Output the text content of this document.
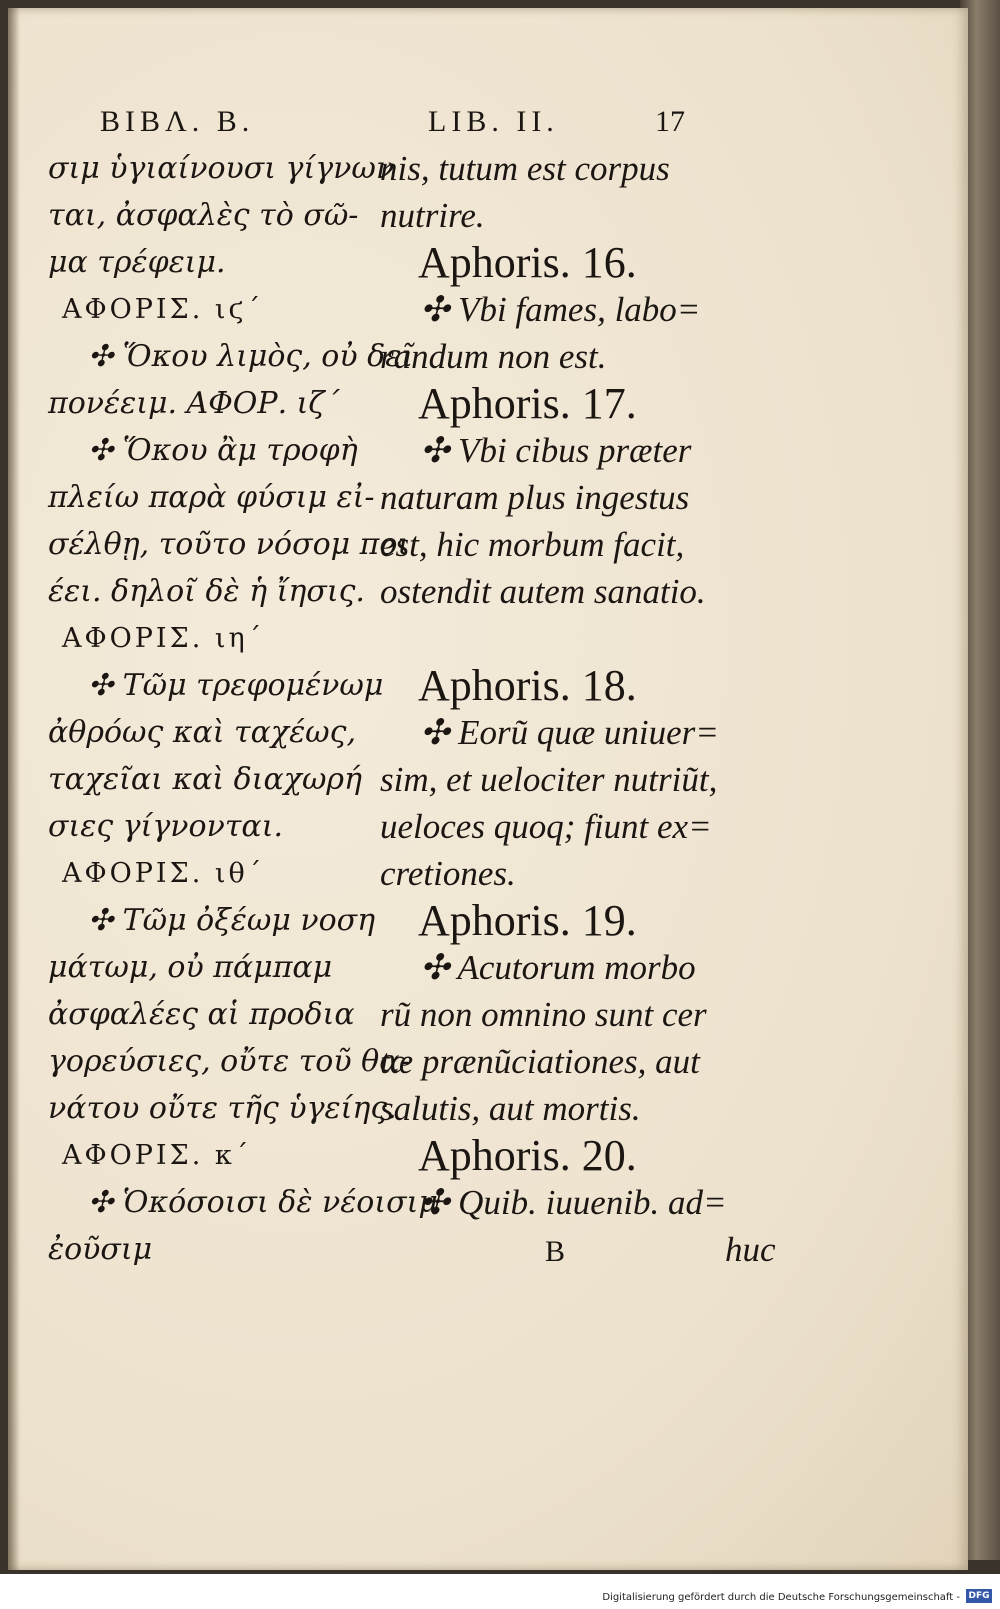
BIBΛ. B.	LIB. II.	17
σιμ ὑγιαίνουσι γίγνων
ται, ἀσφαλὲς τὸ σῶ-
μα τρέφειμ.
ΑΦΟΡΙΣ. ιϛ´
✣ Ὅκου λιμὸς, οὐ δεῖ
πονέειμ. ΑΦΟΡ. ιζ´
✣ Ὅκου ἂμ τροφὴ
πλείω παρὰ φύσιμ εἰ-
σέλθῃ, τοῦτο νόσομ ποι
έει. δηλοῖ δὲ ἡ ἴησις.
ΑΦΟΡΙΣ. ιη´
✣ Τῶμ τρεφομένωμ
ἀθρόως καὶ ταχέως,
ταχεῖαι καὶ διαχωρή
σιες γίγνονται.
ΑΦΟΡΙΣ. ιθ´
✣ Τῶμ ὀξέωμ νοση
μάτωμ, οὐ πάμπαμ
ἀσφαλέες αἱ προδια
γορεύσιες, οὔτε τοῦ θα-
νάτου οὔτε τῆς ὑγείης.
ΑΦΟΡΙΣ. κ´
✣ Ὁκόσοισι δὲ νέοισιμ
ἐοῦσιμ
nis, tutum est corpus
nutrire.
Aphoris. 16.
✣ Vbi fames, labo=
randum non est.
Aphoris. 17.
✣ Vbi cibus præter
naturam plus ingestus
est, hic morbum facit,
ostendit autem sanatio.
Aphoris. 18.
✣ Eorũ quæ uniuer=
sim, et uelociter nutriũt,
ueloces quoq; fiunt ex=
cretiones.
Aphoris. 19.
✣ Acutorum morbo
rũ non omnino sunt cer
tæ prænũciationes, aut
salutis, aut mortis.
Aphoris. 20.
✣ Quib. iuuenib. ad=
B	huc
Digitalisierung gefördert durch die Deutsche Forschungsgemeinschaft - DFG
